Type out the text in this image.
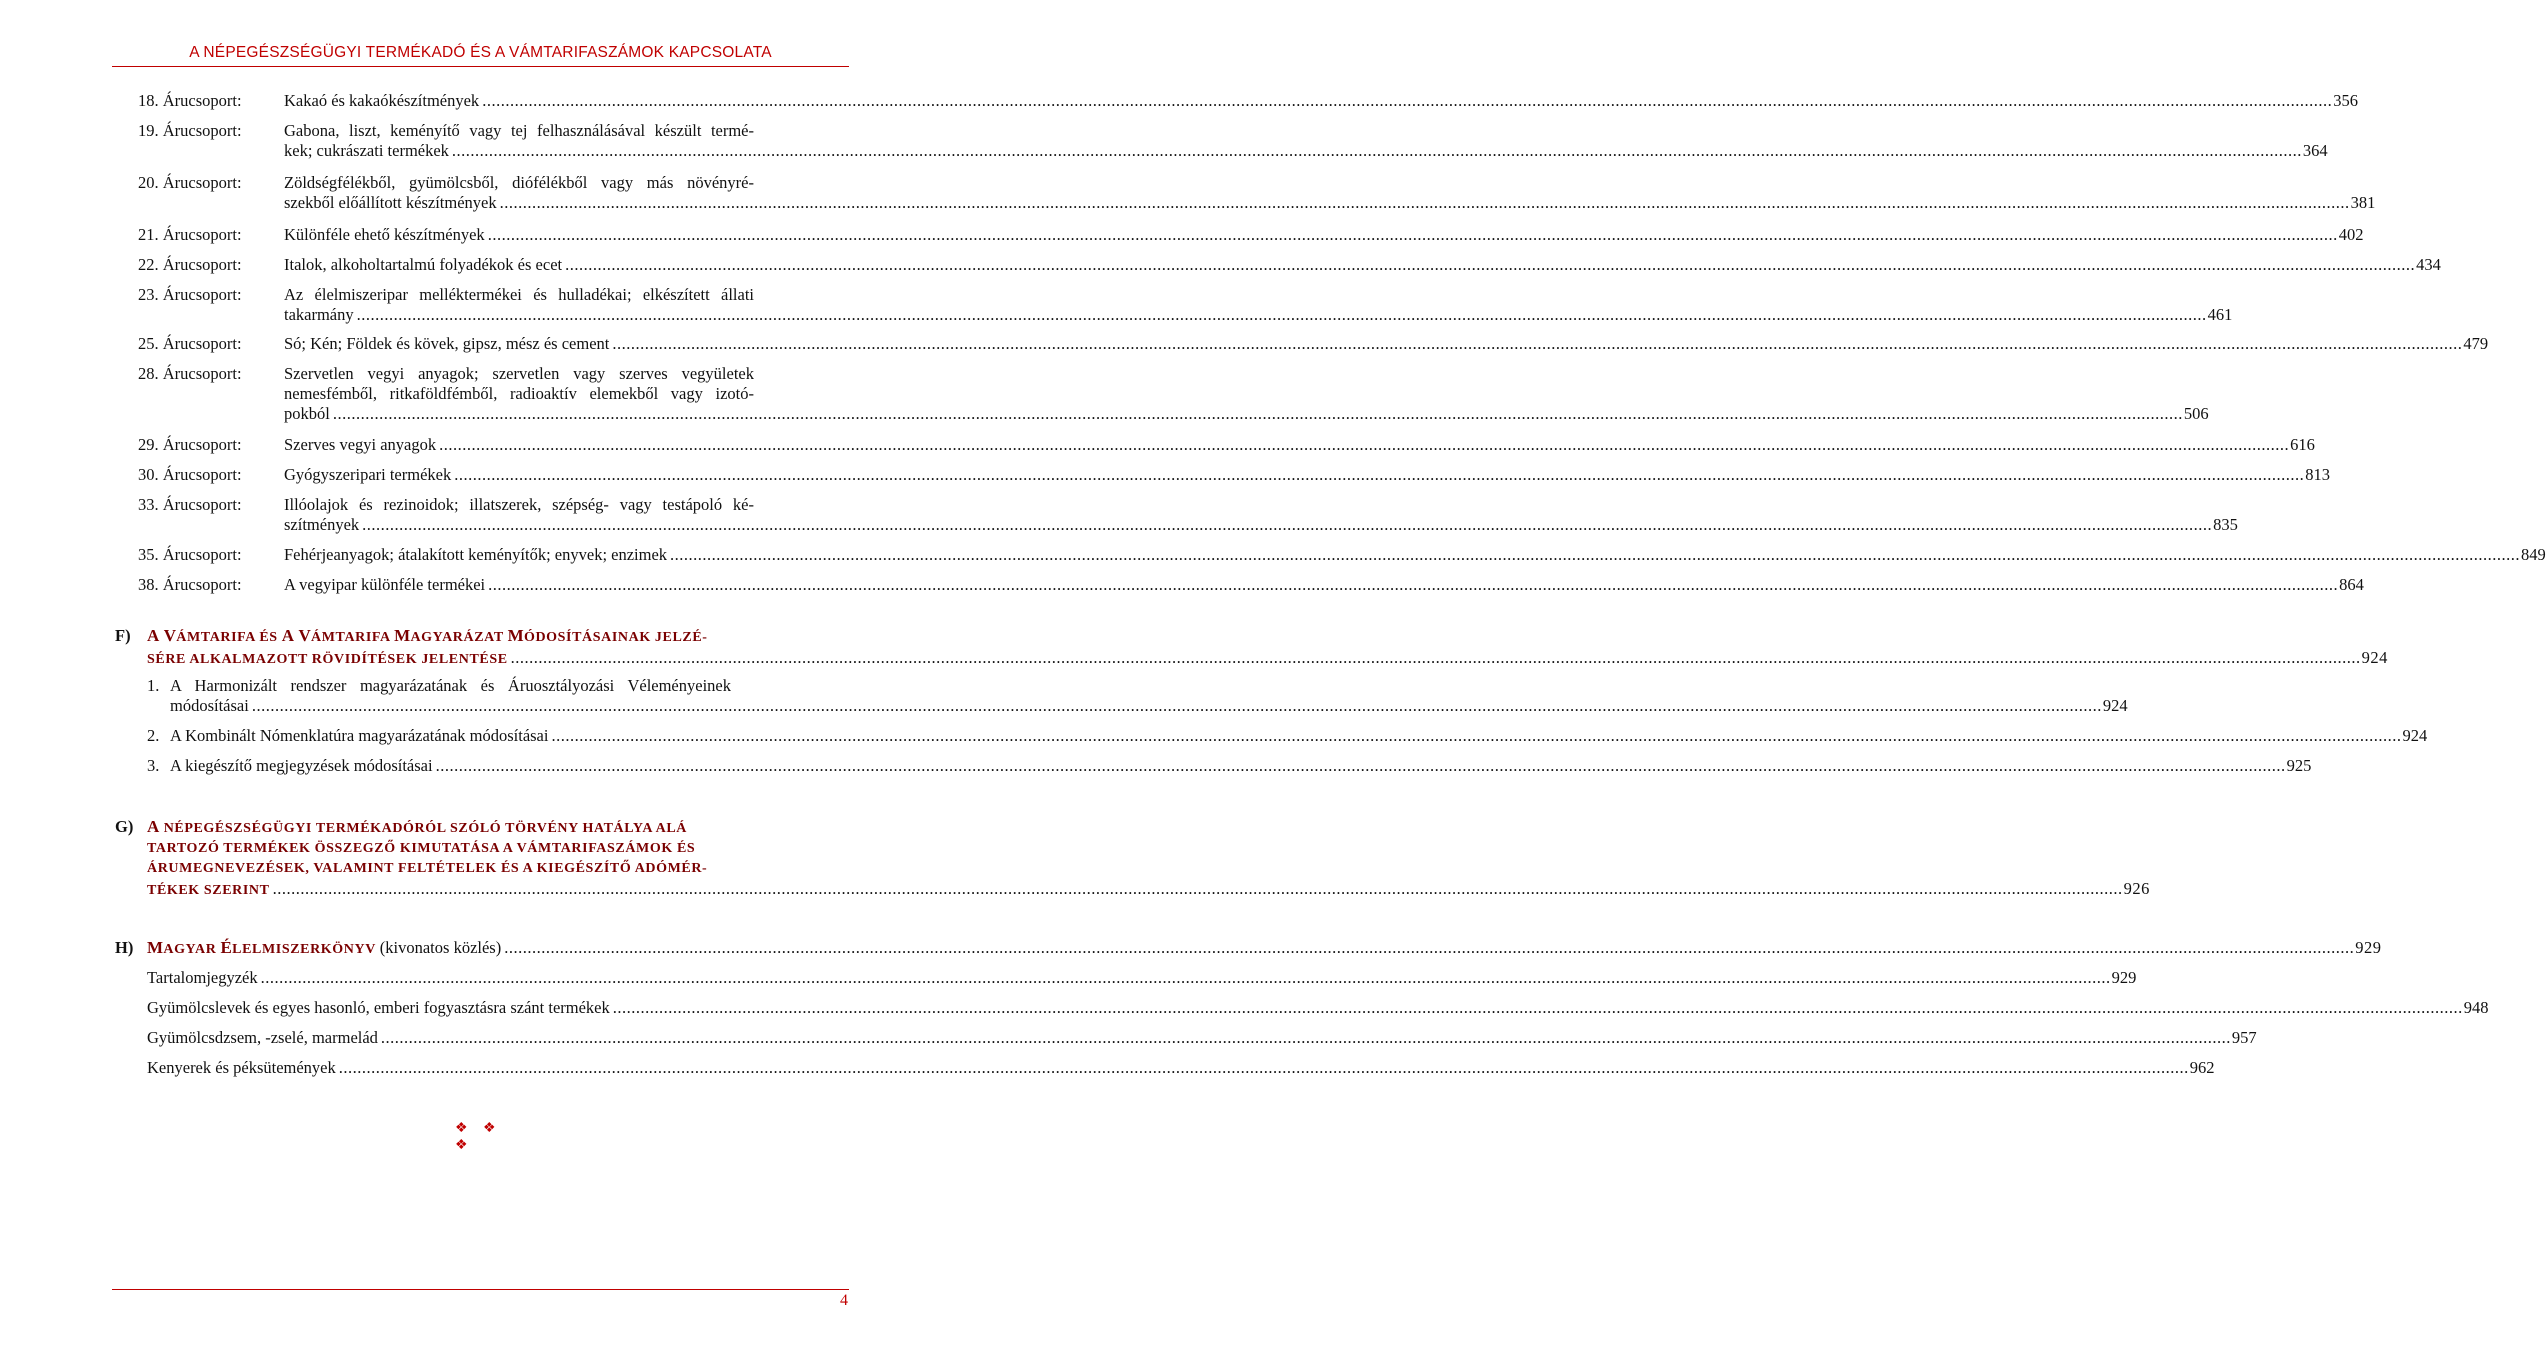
A NÉPEGÉSZSÉGÜGYI TERMÉKADÓ ÉS A VÁMTARIFASZÁMOK KAPCSOLATA
18. Árucsoport:	Kakaó és kakaókészítmények ................................................................................................................................................................................................................................................................................................................................................................................................................ 356
19. Árucsoport:	Gabona, liszt, keményítő vagy tej felhasználásával készült termé-
kek; cukrászati termékek ................................................................................................................................................................................................................................................................................................................................................................................................................ 364
20. Árucsoport:	Zöldségfélékből, gyümölcsből, diófélékből vagy más növényré-
szekből előállított készítmények ................................................................................................................................................................................................................................................................................................................................................................................................................ 381
21. Árucsoport:	Különféle ehető készítmények ................................................................................................................................................................................................................................................................................................................................................................................................................ 402
22. Árucsoport:	Italok, alkoholtartalmú folyadékok és ecet ................................................................................................................................................................................................................................................................................................................................................................................................................ 434
23. Árucsoport:	Az élelmiszeripar melléktermékei és hulladékai; elkészített állati
takarmány ................................................................................................................................................................................................................................................................................................................................................................................................................ 461
25. Árucsoport:	Só; Kén; Földek és kövek, gipsz, mész és cement ................................................................................................................................................................................................................................................................................................................................................................................................................ 479
28. Árucsoport:	Szervetlen vegyi anyagok; szervetlen vagy szerves vegyületek
nemesfémből, ritkaföldfémből, radioaktív elemekből vagy izotó-
pokból ................................................................................................................................................................................................................................................................................................................................................................................................................ 506
29. Árucsoport:	Szerves vegyi anyagok ................................................................................................................................................................................................................................................................................................................................................................................................................ 616
30. Árucsoport:	Gyógyszeripari termékek ................................................................................................................................................................................................................................................................................................................................................................................................................ 813
33. Árucsoport:	Illóolajok és rezinoidok; illatszerek, szépség- vagy testápoló ké-
szítmények ................................................................................................................................................................................................................................................................................................................................................................................................................ 835
35. Árucsoport:	Fehérjeanyagok; átalakított keményítők; enyvek; enzimek ................................................................................................................................................................................................................................................................................................................................................................................................................ 849
38. Árucsoport:	A vegyipar különféle termékei ................................................................................................................................................................................................................................................................................................................................................................................................................ 864
F) A VÁMTARIFA ÉS A VÁMTARIFA MAGYARÁZAT MÓDOSÍTÁSAINAK JELZÉ-
SÉRE ALKALMAZOTT RÖVIDÍTÉSEK JELENTÉSE ................................................................................................................................................................................................................................................................................................................................................................................................................ 924
1. A Harmonizált rendszer magyarázatának és Áruosztályozási Véleményeinek
módosításai ................................................................................................................................................................................................................................................................................................................................................................................................................ 924
2. A Kombinált Nómenklatúra magyarázatának módosításai ................................................................................................................................................................................................................................................................................................................................................................................................................ 924
3. A kiegészítő megjegyzések módosításai ................................................................................................................................................................................................................................................................................................................................................................................................................ 925
G) A NÉPEGÉSZSÉGÜGYI TERMÉKADÓRÓL SZÓLÓ TÖRVÉNY HATÁLYA ALÁ
TARTOZÓ TERMÉKEK ÖSSZEGZŐ KIMUTATÁSA A VÁMTARIFASZÁMOK ÉS
ÁRUMEGNEVEZÉSEK, VALAMINT FELTÉTELEK ÉS A KIEGÉSZÍTŐ ADÓMÉR-
TÉKEK SZERINT ................................................................................................................................................................................................................................................................................................................................................................................................................ 926
H) MAGYAR ÉLELMISZERKÖNYV (kivonatos közlés) ................................................................................................................................................................................................................................................................................................................................................................................................................ 929
Tartalomjegyzék ................................................................................................................................................................................................................................................................................................................................................................................................................ 929
Gyümölcslevek és egyes hasonló, emberi fogyasztásra szánt termékek ................................................................................................................................................................................................................................................................................................................................................................................................................ 948
Gyümölcsdzsem, -zselé, marmelád ................................................................................................................................................................................................................................................................................................................................................................................................................ 957
Kenyerek és péksütemények ................................................................................................................................................................................................................................................................................................................................................................................................................ 962
❖ ❖ ❖
4
